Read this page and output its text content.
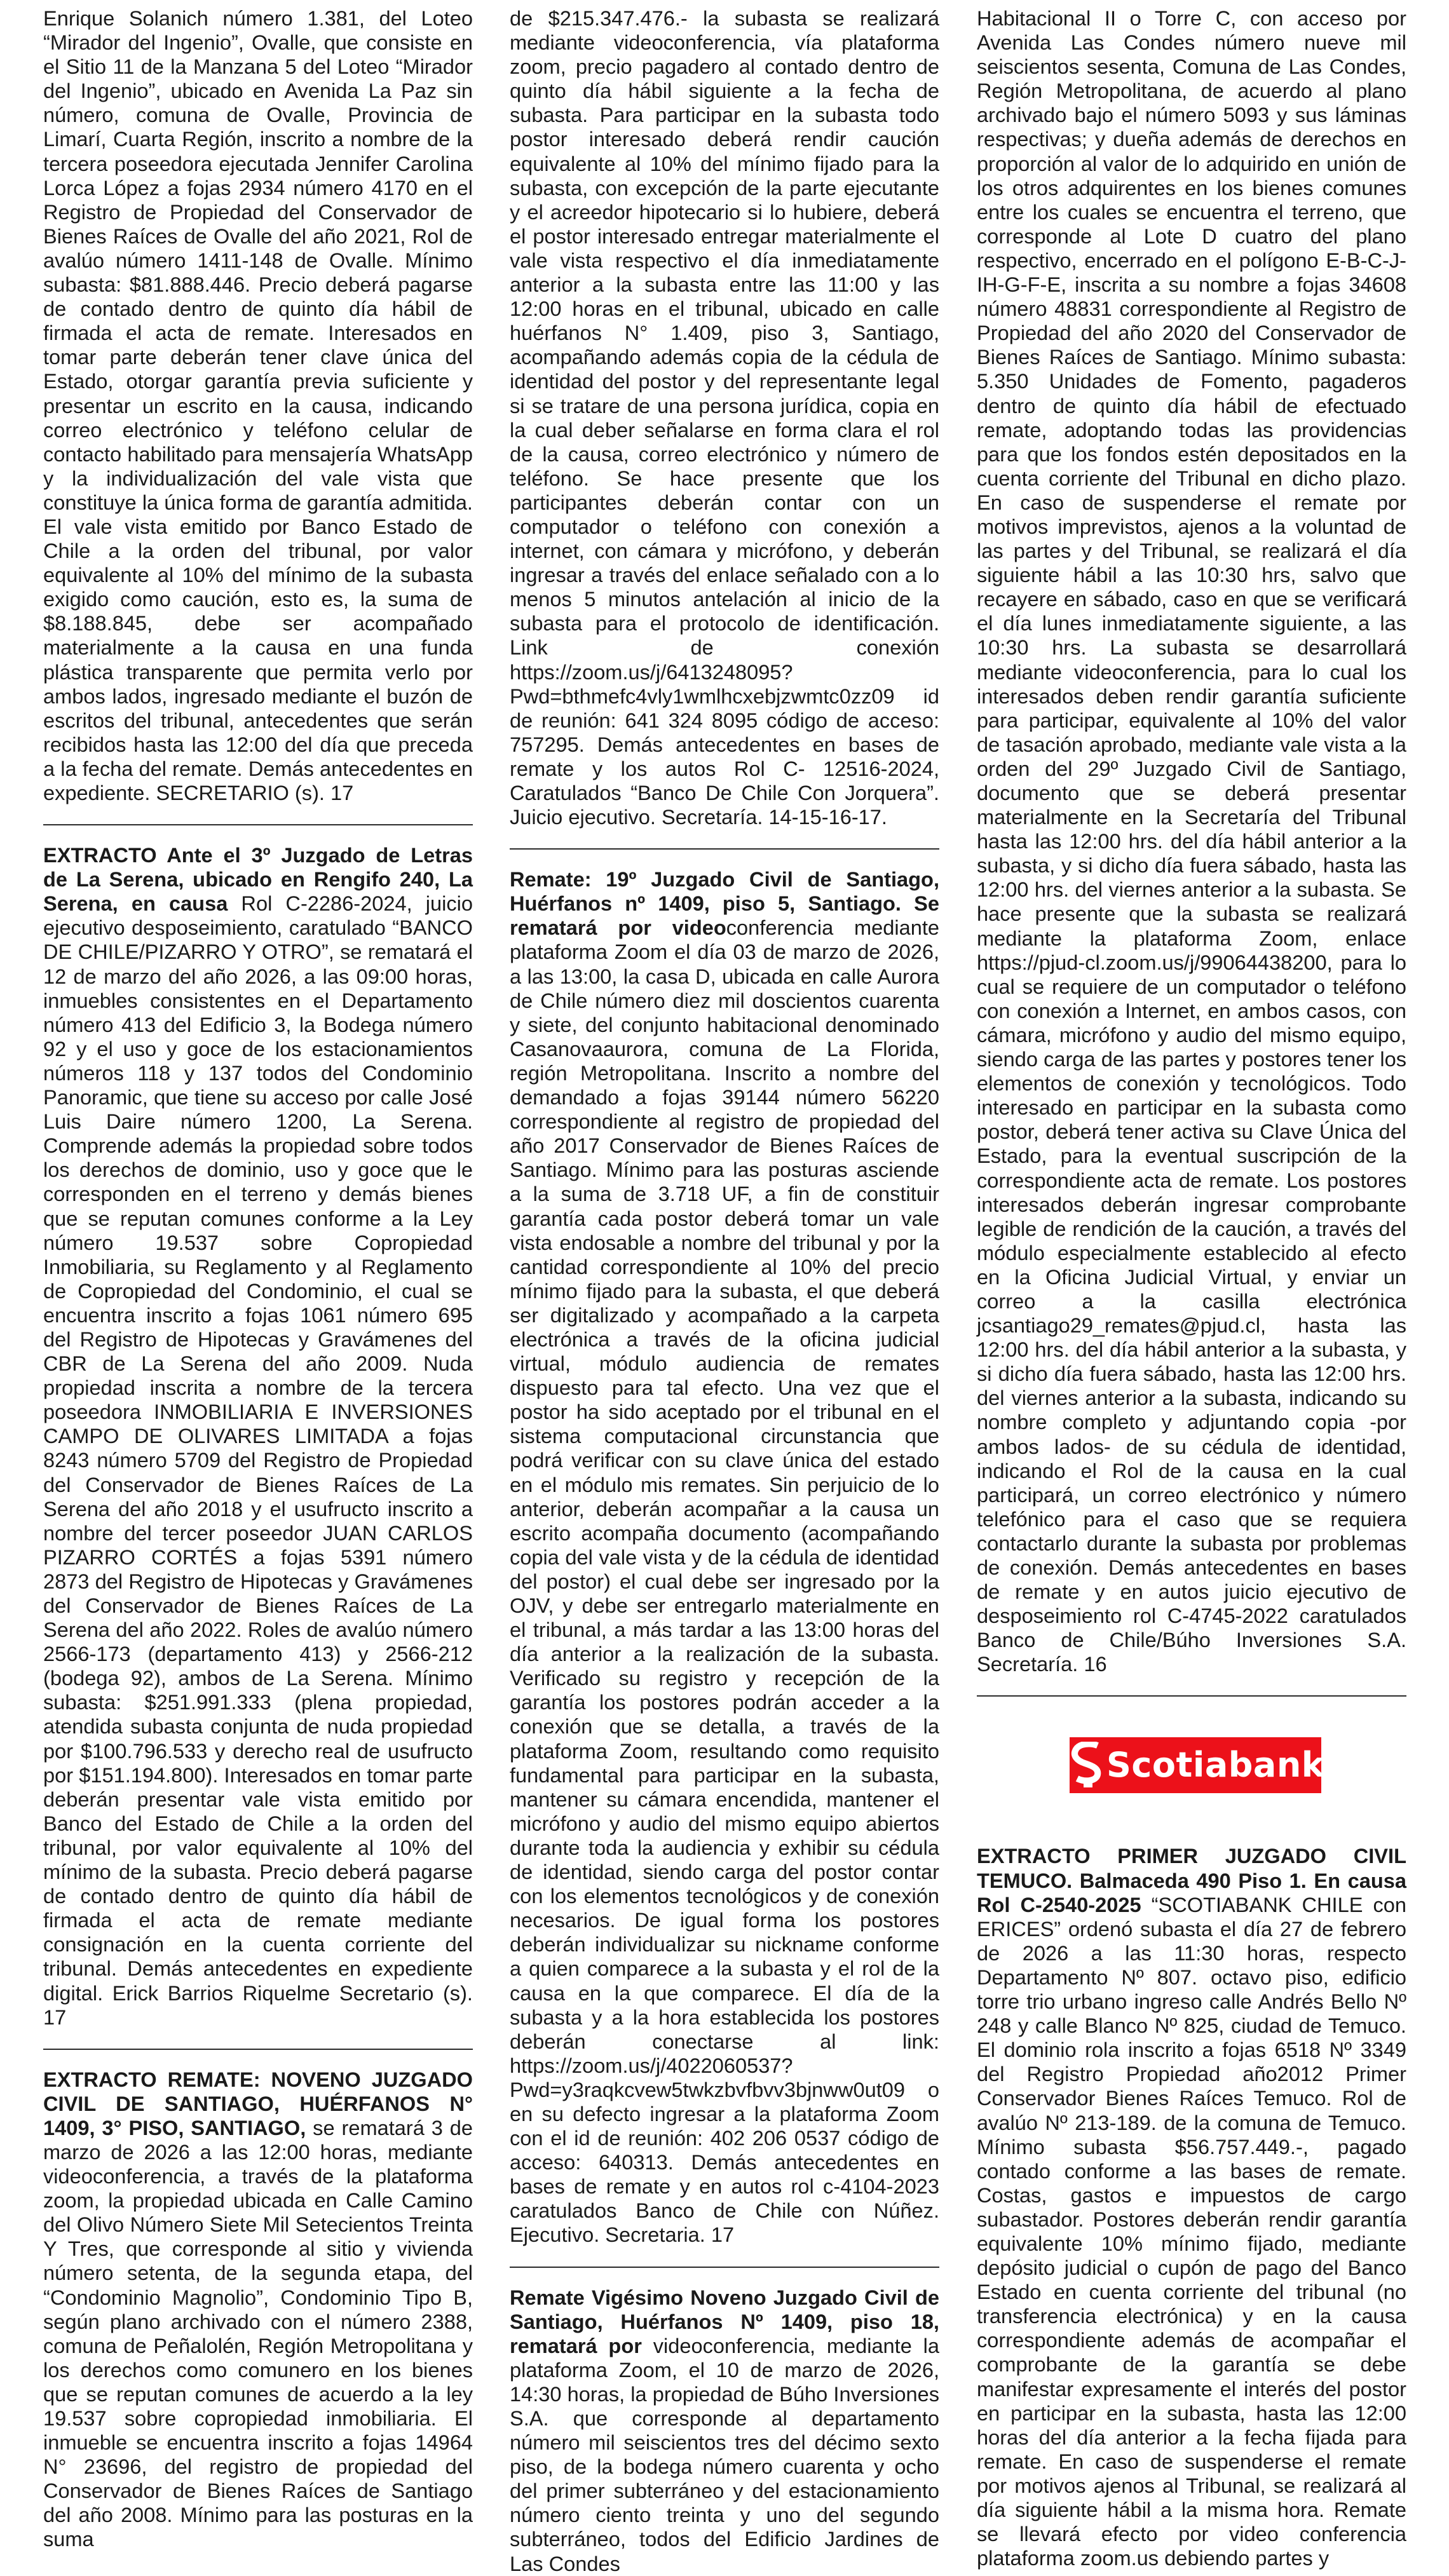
Enrique Solanich número 1.381, del Loteo “Mirador del Ingenio”, Ovalle, que consiste en el Sitio 11 de la Manzana 5 del Loteo “Mirador del Ingenio”, ubicado en Avenida La Paz sin número, comuna de Ovalle, Provincia de Limarí, Cuarta Región, inscrito a nombre de la tercera poseedora ejecutada Jennifer Carolina Lorca López a fojas 2934 número 4170 en el Registro de Propiedad del Conservador de Bienes Raíces de Ovalle del año 2021, Rol de avalúo número 1411-148 de Ovalle. Mínimo subasta: $81.888.446. Precio deberá pagarse de contado dentro de quinto día hábil de firmada el acta de remate. Interesados en tomar parte deberán tener clave única del Estado, otorgar garantía previa suficiente y presentar un escrito en la causa, indicando correo electrónico y teléfono celular de contacto habilitado para mensajería WhatsApp y la individualización del vale vista que constituye la única forma de garantía admitida. El vale vista emitido por Banco Estado de Chile a la orden del tribunal, por valor equivalente al 10% del mínimo de la subasta exigido como caución, esto es, la suma de $8.188.845, debe ser acompañado materialmente a la causa en una funda plástica transparente que permita verlo por ambos lados, ingresado mediante el buzón de escritos del tribunal, antecedentes que serán recibidos hasta las 12:00 del día que preceda a la fecha del remate. Demás antecedentes en expediente. SECRETARIO (s). 17

EXTRACTO Ante el 3º Juzgado de Letras de La Serena, ubicado en Rengifo 240, La Serena, en causa Rol C-2286-2024, juicio ejecutivo desposeimiento, caratulado “BANCO DE CHILE/PIZARRO Y OTRO”, se rematará el 12 de marzo del año 2026, a las 09:00 horas, inmuebles consistentes en el Departamento número 413 del Edificio 3, la Bodega número 92 y el uso y goce de los estacionamientos números 118 y 137 todos del Condominio Panoramic, que tiene su acceso por calle José Luis Daire número 1200, La Serena. Comprende además la propiedad sobre todos los derechos de dominio, uso y goce que le corresponden en el terreno y demás bienes que se reputan comunes conforme a la Ley número 19.537 sobre Copropiedad Inmobiliaria, su Reglamento y al Reglamento de Copropiedad del Condominio, el cual se encuentra inscrito a fojas 1061 número 695 del Registro de Hipotecas y Gravámenes del CBR de La Serena del año 2009. Nuda propiedad inscrita a nombre de la tercera poseedora INMOBILIARIA E INVERSIONES CAMPO DE OLIVARES LIMITADA a fojas 8243 número 5709 del Registro de Propiedad del Conservador de Bienes Raíces de La Serena del año 2018 y el usufructo inscrito a nombre del tercer poseedor JUAN CARLOS PIZARRO CORTÉS a fojas 5391 número 2873 del Registro de Hipotecas y Gravámenes del Conservador de Bienes Raíces de La Serena del año 2022. Roles de avalúo número 2566-173 (departamento 413) y 2566-212 (bodega 92), ambos de La Serena. Mínimo subasta: $251.991.333 (plena propiedad, atendida subasta conjunta de nuda propiedad por $100.796.533 y derecho real de usufructo por $151.194.800). Interesados en tomar parte deberán presentar vale vista emitido por Banco del Estado de Chile a la orden del tribunal, por valor equivalente al 10% del mínimo de la subasta. Precio deberá pagarse de contado dentro de quinto día hábil de firmada el acta de remate mediante consignación en la cuenta corriente del tribunal. Demás antecedentes en expediente digital. Erick Barrios Riquelme Secretario (s). 17

EXTRACTO REMATE: NOVENO JUZGADO CIVIL DE SANTIAGO, HUÉRFANOS N° 1409, 3° PISO, SANTIAGO, se rematará 3 de marzo de 2026 a las 12:00 horas, mediante videoconferencia, a través de la plataforma zoom, la propiedad ubicada en Calle Camino del Olivo Número Siete Mil Setecientos Treinta Y Tres, que corresponde al sitio y vivienda número setenta, de la segunda etapa, del “Condominio Magnolio”, Condominio Tipo B, según plano archivado con el número 2388, comuna de Peñalolén, Región Metropolitana y los derechos como comunero en los bienes que se reputan comunes de acuerdo a la ley 19.537 sobre copropiedad inmobiliaria. El inmueble se encuentra inscrito a fojas 14964 N° 23696, del registro de propiedad del Conservador de Bienes Raíces de Santiago del año 2008. Mínimo para las posturas en la suma

de $215.347.476.- la subasta se realizará mediante videoconferencia, vía plataforma zoom, precio pagadero al contado dentro de quinto día hábil siguiente a la fecha de subasta. Para participar en la subasta todo postor interesado deberá rendir caución equivalente al 10% del mínimo fijado para la subasta, con excepción de la parte ejecutante y el acreedor hipotecario si lo hubiere, deberá el postor interesado entregar materialmente el vale vista respectivo el día inmediatamente anterior a la subasta entre las 11:00 y las 12:00 horas en el tribunal, ubicado en calle huérfanos N° 1.409, piso 3, Santiago, acompañando además copia de la cédula de identidad del postor y del representante legal si se tratare de una persona jurídica, copia en la cual deber señalarse en forma clara el rol de la causa, correo electrónico y número de teléfono. Se hace presente que los participantes deberán contar con un computador o teléfono con conexión a internet, con cámara y micrófono, y deberán ingresar a través del enlace señalado con a lo menos 5 minutos antelación al inicio de la subasta para el protocolo de identificación. Link de conexión https://zoom.us/j/6413248095?Pwd=bthmefc4vly1wmlhcxebjzwmtc0zz09 id de reunión: 641 324 8095 código de acceso: 757295. Demás antecedentes en bases de remate y los autos Rol C- 12516-2024, Caratulados “Banco De Chile Con Jorquera”. Juicio ejecutivo. Secretaría. 14-15-16-17.

Remate: 19º Juzgado Civil de Santiago, Huérfanos nº 1409, piso 5, Santiago. Se rematará por videoconferencia mediante plataforma Zoom el día 03 de marzo de 2026, a las 13:00, la casa D, ubicada en calle Aurora de Chile número diez mil doscientos cuarenta y siete, del conjunto habitacional denominado Casanovaaurora, comuna de La Florida, región Metropolitana. Inscrito a nombre del demandado a fojas 39144 número 56220 correspondiente al registro de propiedad del año 2017 Conservador de Bienes Raíces de Santiago. Mínimo para las posturas asciende a la suma de 3.718 UF, a fin de constituir garantía cada postor deberá tomar un vale vista endosable a nombre del tribunal y por la cantidad correspondiente al 10% del precio mínimo fijado para la subasta, el que deberá ser digitalizado y acompañado a la carpeta electrónica a través de la oficina judicial virtual, módulo audiencia de remates dispuesto para tal efecto. Una vez que el postor ha sido aceptado por el tribunal en el sistema computacional circunstancia que podrá verificar con su clave única del estado en el módulo mis remates. Sin perjuicio de lo anterior, deberán acompañar a la causa un escrito acompaña documento (acompañando copia del vale vista y de la cédula de identidad del postor) el cual debe ser ingresado por la OJV, y debe ser entregarlo materialmente en el tribunal, a más tardar a las 13:00 horas del día anterior a la realización de la subasta. Verificado su registro y recepción de la garantía los postores podrán acceder a la conexión que se detalla, a través de la plataforma Zoom, resultando como requisito fundamental para participar en la subasta, mantener su cámara encendida, mantener el micrófono y audio del mismo equipo abiertos durante toda la audiencia y exhibir su cédula de identidad, siendo carga del postor contar con los elementos tecnológicos y de conexión necesarios. De igual forma los postores deberán individualizar su nickname conforme a quien comparece a la subasta y el rol de la causa en la que comparece. El día de la subasta y a la hora establecida los postores deberán conectarse al link: https://zoom.us/j/4022060537?Pwd=y3raqkcvew5twkzbvfbvv3bjnww0ut09 o en su defecto ingresar a la plataforma Zoom con el id de reunión: 402 206 0537 código de acceso: 640313. Demás antecedentes en bases de remate y en autos rol c-4104-2023 caratulados Banco de Chile con Núñez. Ejecutivo. Secretaria. 17

Remate Vigésimo Noveno Juzgado Civil de Santiago, Huérfanos Nº 1409, piso 18, rematará por videoconferencia, mediante la plataforma Zoom, el 10 de marzo de 2026, 14:30 horas, la propiedad de Búho Inversiones S.A. que corresponde al departamento número mil seiscientos tres del décimo sexto piso, de la bodega número cuarenta y ocho del primer subterráneo y del estacionamiento número ciento treinta y uno del segundo subterráneo, todos del Edificio Jardines de Las Condes

Habitacional II o Torre C, con acceso por Avenida Las Condes número nueve mil seiscientos sesenta, Comuna de Las Condes, Región Metropolitana, de acuerdo al plano archivado bajo el número 5093 y sus láminas respectivas; y dueña además de derechos en proporción al valor de lo adquirido en unión de los otros adquirentes en los bienes comunes entre los cuales se encuentra el terreno, que corresponde al Lote D cuatro del plano respectivo, encerrado en el polígono E-B-C-J-IH-G-F-E, inscrita a su nombre a fojas 34608 número 48831 correspondiente al Registro de Propiedad del año 2020 del Conservador de Bienes Raíces de Santiago. Mínimo subasta: 5.350 Unidades de Fomento, pagaderos dentro de quinto día hábil de efectuado remate, adoptando todas las providencias para que los fondos estén depositados en la cuenta corriente del Tribunal en dicho plazo. En caso de suspenderse el remate por motivos imprevistos, ajenos a la voluntad de las partes y del Tribunal, se realizará el día siguiente hábil a las 10:30 hrs, salvo que recayere en sábado, caso en que se verificará el día lunes inmediatamente siguiente, a las 10:30 hrs. La subasta se desarrollará mediante videoconferencia, para lo cual los interesados deben rendir garantía suficiente para participar, equivalente al 10% del valor de tasación aprobado, mediante vale vista a la orden del 29º Juzgado Civil de Santiago, documento que se deberá presentar materialmente en la Secretaría del Tribunal hasta las 12:00 hrs. del día hábil anterior a la subasta, y si dicho día fuera sábado, hasta las 12:00 hrs. del viernes anterior a la subasta. Se hace presente que la subasta se realizará mediante la plataforma Zoom, enlace https://pjud-cl.zoom.us/j/99064438200, para lo cual se requiere de un computador o teléfono con conexión a Internet, en ambos casos, con cámara, micrófono y audio del mismo equipo, siendo carga de las partes y postores tener los elementos de conexión y tecnológicos. Todo interesado en participar en la subasta como postor, deberá tener activa su Clave Única del Estado, para la eventual suscripción de la correspondiente acta de remate. Los postores interesados deberán ingresar comprobante legible de rendición de la caución, a través del módulo especialmente establecido al efecto en la Oficina Judicial Virtual, y enviar un correo a la casilla electrónica jcsantiago29_remates@pjud.cl, hasta las 12:00 hrs. del día hábil anterior a la subasta, y si dicho día fuera sábado, hasta las 12:00 hrs. del viernes anterior a la subasta, indicando su nombre completo y adjuntando copia -por ambos lados- de su cédula de identidad, indicando el Rol de la causa en la cual participará, un correo electrónico y número telefónico para el caso que se requiera contactarlo durante la subasta por problemas de conexión. Demás antecedentes en bases de remate y en autos juicio ejecutivo de desposeimiento rol C-4745-2022 caratulados Banco de Chile/Búho Inversiones S.A. Secretaría. 16

Scotiabank

EXTRACTO PRIMER JUZGADO CIVIL TEMUCO. Balmaceda 490 Piso 1. En causa Rol C-2540-2025 “SCOTIABANK CHILE con ERICES” ordenó subasta el día 27 de febrero de 2026 a las 11:30 horas, respecto Departamento Nº 807. octavo piso, edificio torre trio urbano ingreso calle Andrés Bello Nº 248 y calle Blanco Nº 825, ciudad de Temuco. El dominio rola inscrito a fojas 6518 Nº 3349 del Registro Propiedad año2012 Primer Conservador Bienes Raíces Temuco. Rol de avalúo Nº 213-189. de la comuna de Temuco. Mínimo subasta $56.757.449.-, pagado contado conforme a las bases de remate. Costas, gastos e impuestos de cargo subastador. Postores deberán rendir garantía equivalente 10% mínimo fijado, mediante depósito judicial o cupón de pago del Banco Estado en cuenta corriente del tribunal (no transferencia electrónica) y en la causa correspondiente además de acompañar el comprobante de la garantía se debe manifestar expresamente el interés del postor en participar en la subasta, hasta las 12:00 horas del día anterior a la fecha fijada para remate. En caso de suspenderse el remate por motivos ajenos al Tribunal, se realizará al día siguiente hábil a la misma hora. Remate se llevará efecto por video conferencia plataforma zoom.us debiendo partes y
